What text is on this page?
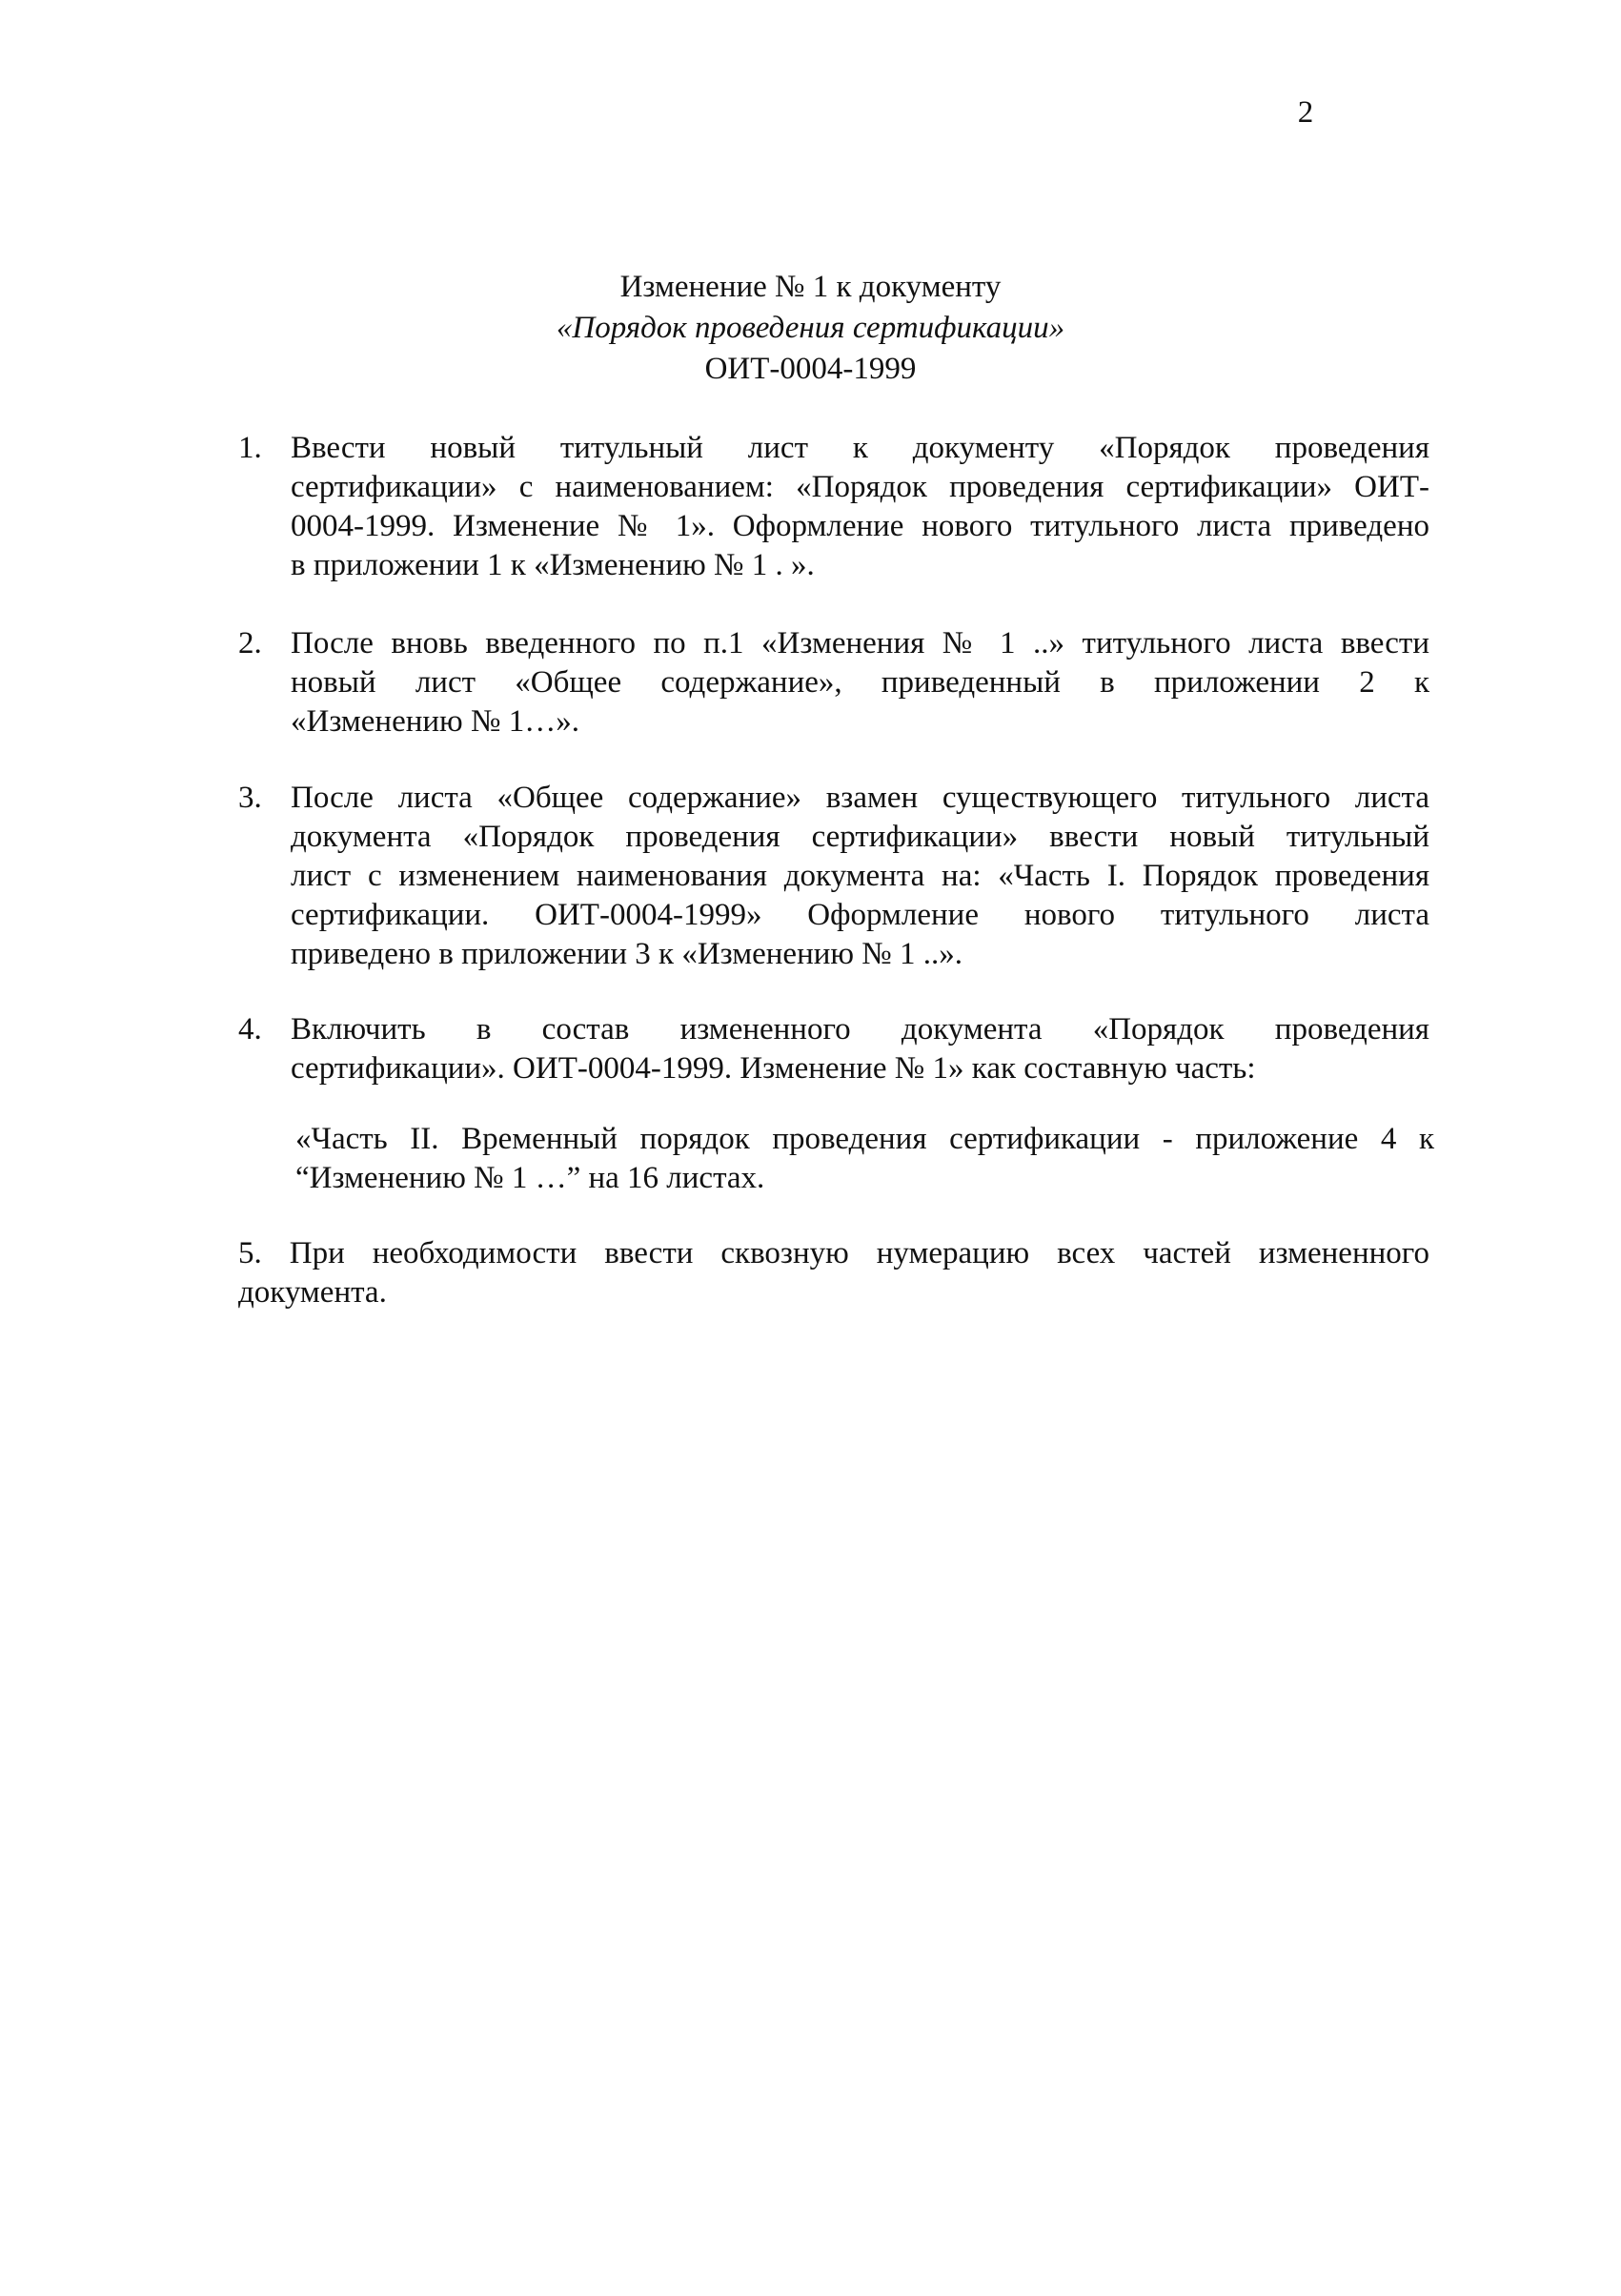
2
Изменение № 1 к документу
«Порядок проведения сертификации»
ОИТ-0004-1999
1. Ввести новый титульный лист к документу «Порядок проведения
сертификации» с наименованием: «Порядок проведения сертификации» ОИТ-
0004-1999. Изменение № 1». Оформление нового титульного листа приведено
в приложении 1 к «Изменению № 1 . ».
2. После вновь введенного по п.1 «Изменения № 1 ..» титульного листа ввести
новый лист «Общее содержание», приведенный в приложении 2 к
«Изменению № 1…».
3. После листа «Общее содержание» взамен существующего титульного листа
документа «Порядок проведения сертификации» ввести новый титульный
лист с изменением наименования документа на: «Часть I. Порядок проведения
сертификации. ОИТ-0004-1999» Оформление нового титульного листа
приведено в приложении 3 к «Изменению № 1 ..».
4. Включить в состав измененного документа «Порядок проведения
сертификации». ОИТ-0004-1999. Изменение № 1» как составную часть:
«Часть II. Временный порядок проведения сертификации - приложение 4 к
“Изменению № 1 …” на 16 листах.
5. При необходимости ввести сквозную нумерацию всех частей измененного
документа.
